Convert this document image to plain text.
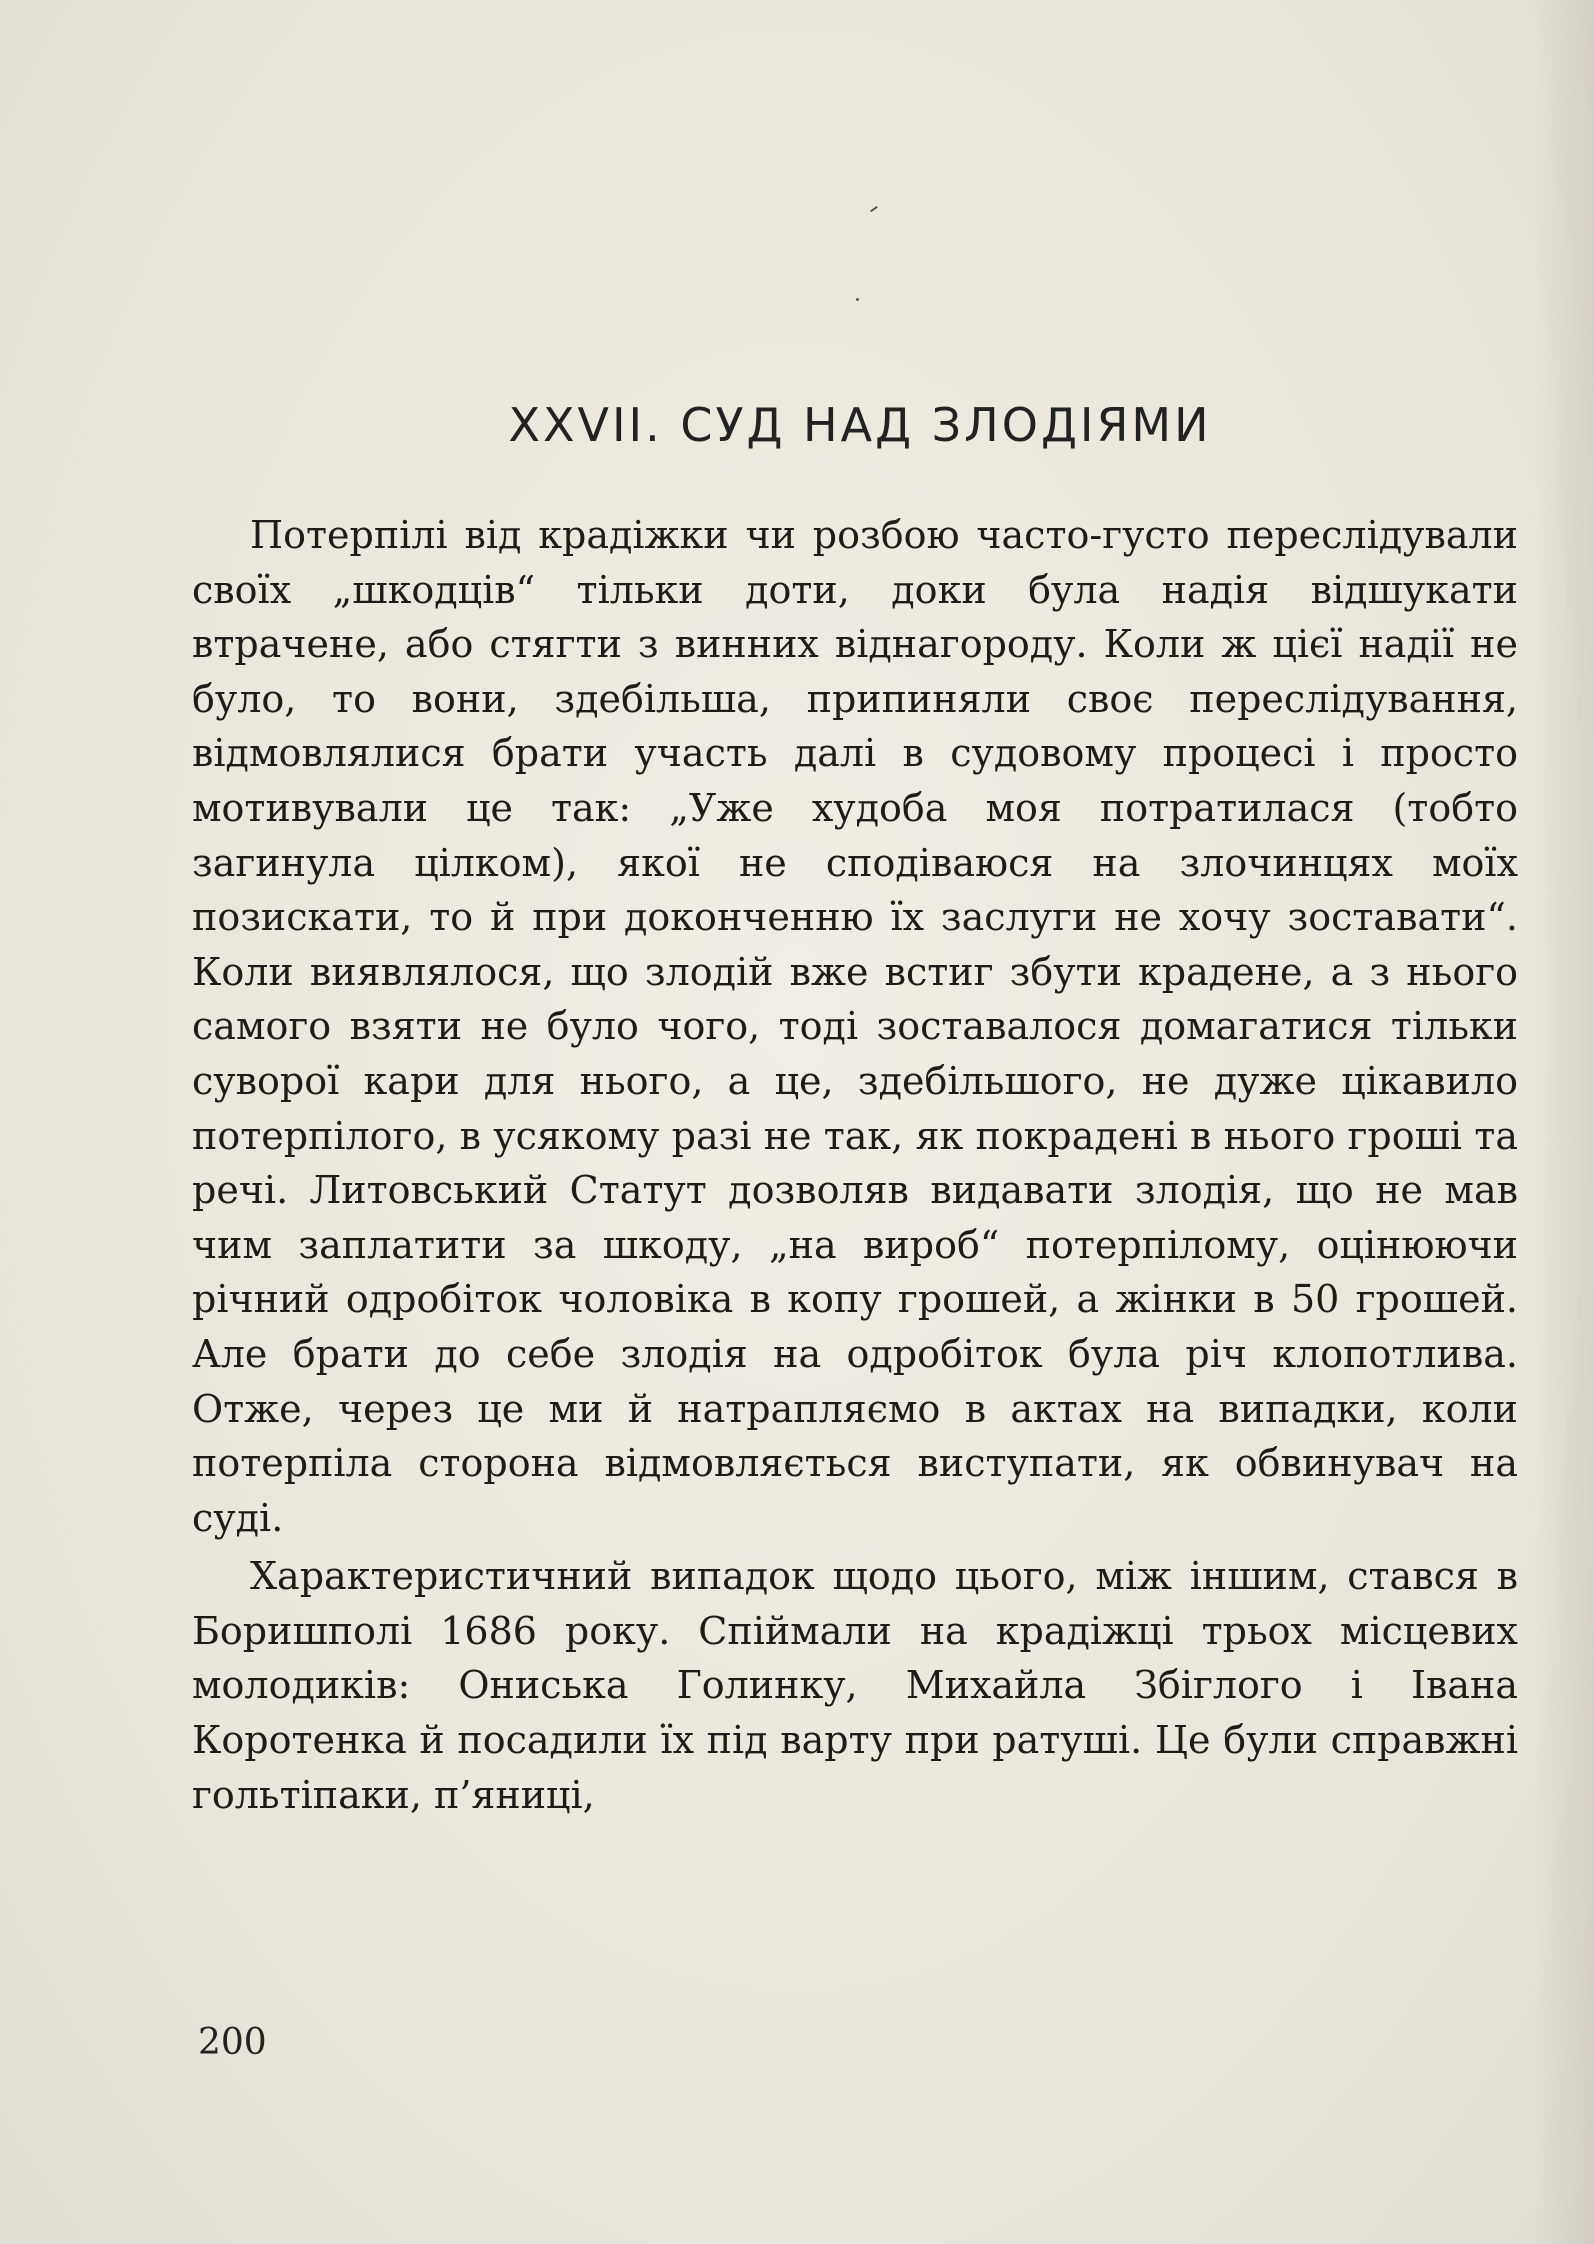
XXVII. СУД НАД ЗЛОДІЯМИ

Потерпілі від крадіжки чи розбою часто-густо переслідували своїх „шкодців“ тільки доти, доки була надія відшукати втрачене, або стягти з винних віднагороду. Коли ж цієї надії не було, то вони, здебільша, припиняли своє переслідування, відмовлялися брати участь далі в судовому процесі і просто мотивували це так: „Уже худоба моя потратилася (тобто загинула цілком), якої не сподіваюся на злочинцях моїх позискати, то й при доконченню їх заслуги не хочу зоставати“. Коли виявлялося, що злодій вже встиг збути крадене, а з нього самого взяти не було чого, тоді зоставалося домагатися тільки суворої кари для нього, а це, здебільшого, не дуже цікавило потерпілого, в усякому разі не так, як покрадені в нього гроші та речі. Литовський Статут дозволяв видавати злодія, що не мав чим заплатити за шкоду, „на вироб“ потерпілому, оцінюючи річний одробіток чоловіка в копу грошей, а жінки в 50 грошей. Але брати до себе злодія на одробіток була річ клопотлива. Отже, через це ми й натрапляємо в актах на випадки, коли потерпіла сторона відмовляється виступати, як обвинувач на суді.

Характеристичний випадок щодо цього, між іншим, стався в Боришполі 1686 року. Спіймали на крадіжці трьох місцевих молодиків: Ониська Голинку, Михайла Збіглого і Івана Коротенка й посадили їх під варту при ратуші. Це були справжні гольтіпаки, п’яниці,

200
